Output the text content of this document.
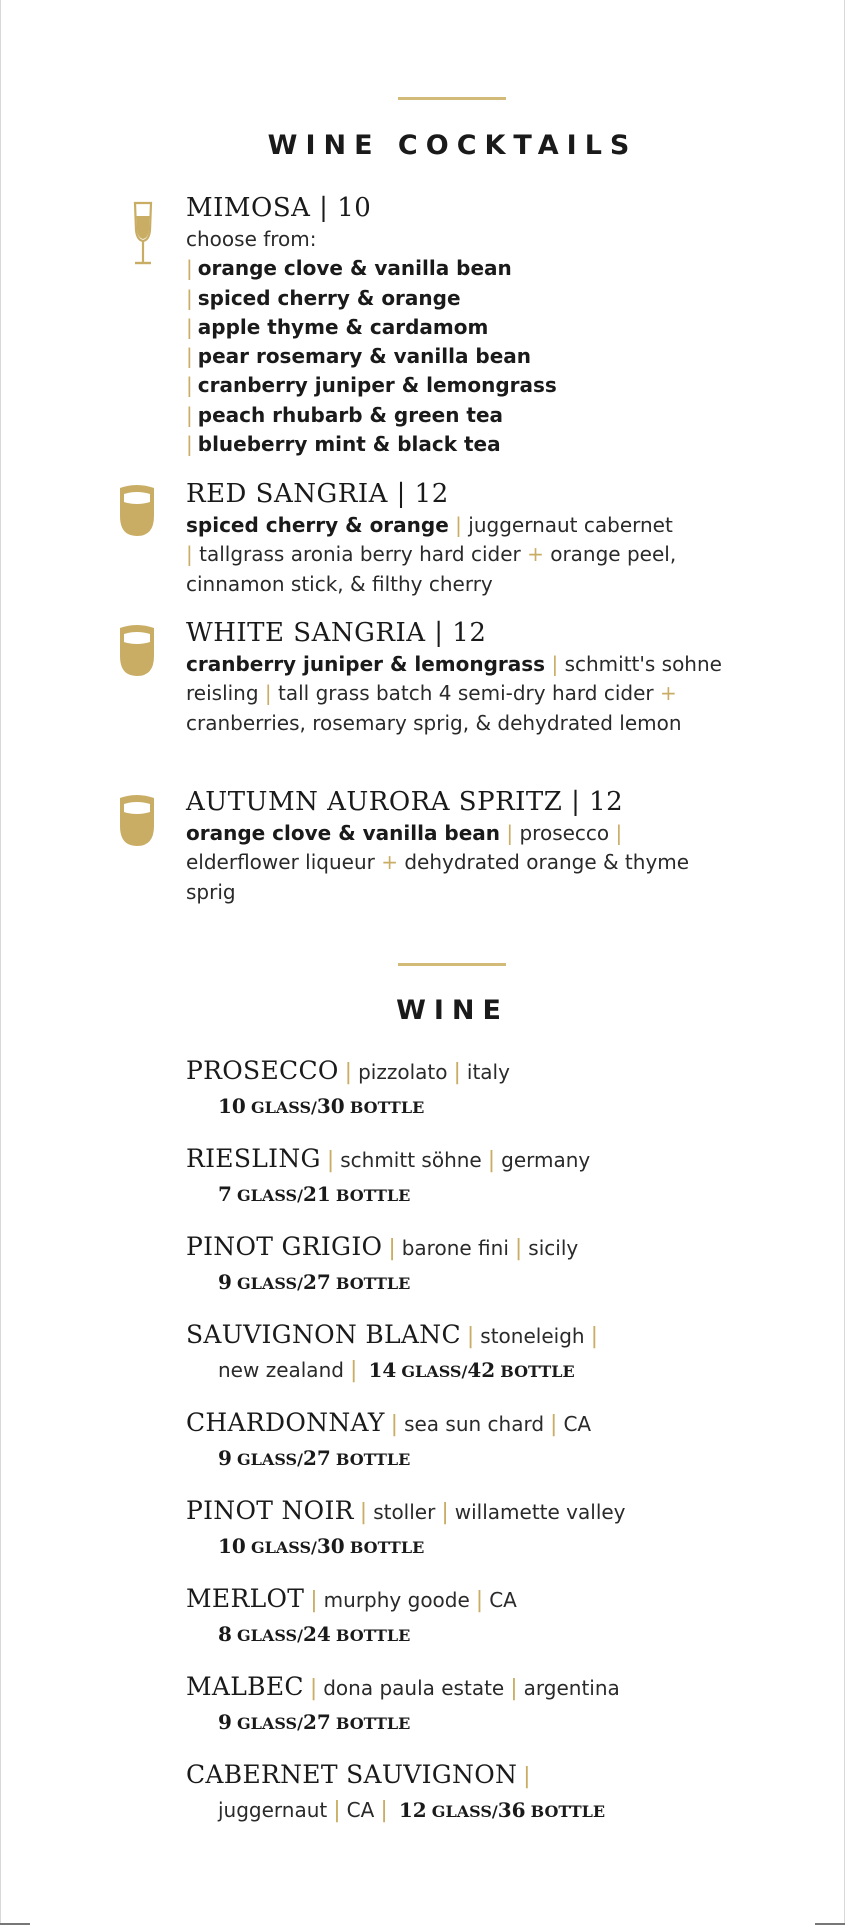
WINE COCKTAILS
MIMOSA | 10
choose from:
| orange clove & vanilla bean
| spiced cherry & orange
| apple thyme & cardamom
| pear rosemary & vanilla bean
| cranberry juniper & lemongrass
| peach rhubarb & green tea
| blueberry mint & black tea
RED SANGRIA | 12
spiced cherry & orange | juggernaut cabernet
| tallgrass aronia berry hard cider + orange peel, cinnamon stick, & filthy cherry
WHITE SANGRIA | 12
cranberry juniper & lemongrass | schmitt's sohne reisling | tall grass batch 4 semi-dry hard cider + cranberries, rosemary sprig, & dehydrated lemon
AUTUMN AURORA SPRITZ | 12
orange clove & vanilla bean | prosecco | elderflower liqueur + dehydrated orange & thyme sprig
WINE
PROSECCO | pizzolato | italy
10 GLASS/30 BOTTLE
RIESLING | schmitt söhne | germany
7 GLASS/21 BOTTLE
PINOT GRIGIO | barone fini | sicily
9 GLASS/27 BOTTLE
SAUVIGNON BLANC | stoneleigh |
new zealand | 14 GLASS/42 BOTTLE
CHARDONNAY | sea sun chard | CA
9 GLASS/27 BOTTLE
PINOT NOIR | stoller | willamette valley
10 GLASS/30 BOTTLE
MERLOT | murphy goode | CA
8 GLASS/24 BOTTLE
MALBEC | dona paula estate | argentina
9 GLASS/27 BOTTLE
CABERNET SAUVIGNON |
juggernaut | CA | 12 GLASS/36 BOTTLE
